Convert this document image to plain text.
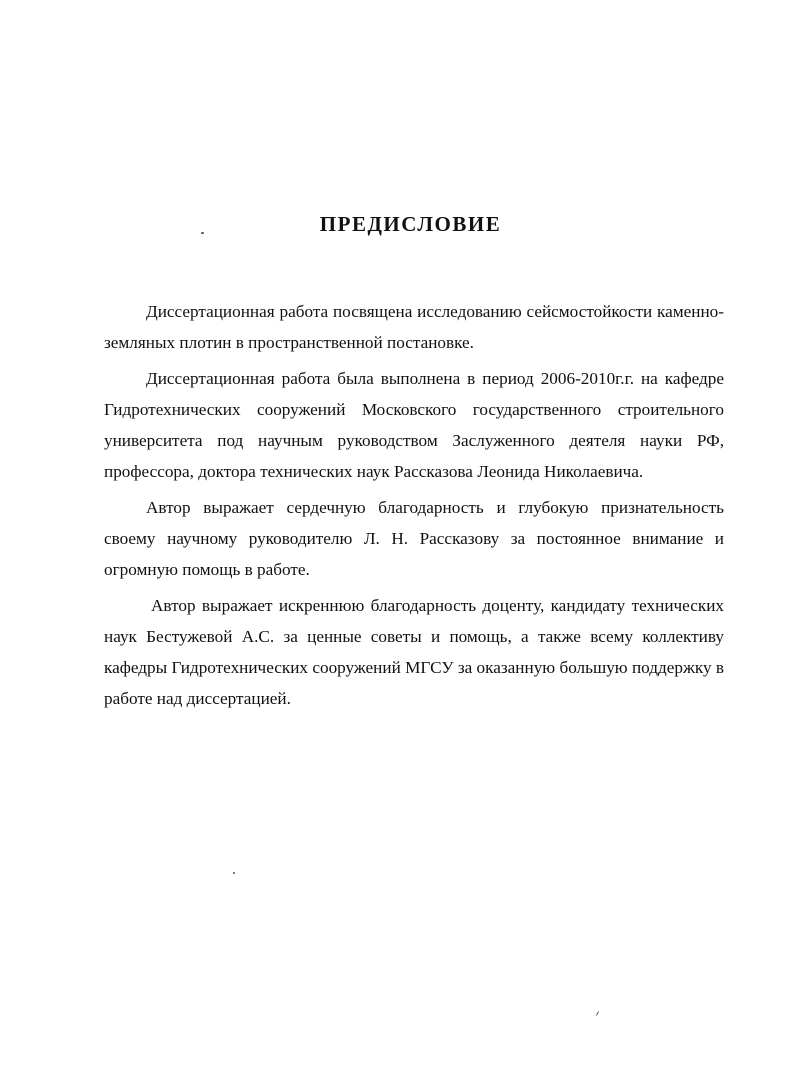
ПРЕДИСЛОВИЕ

Диссертационная работа посвящена исследованию сейсмостойкости каменно-земляных плотин в пространственной постановке.

Диссертационная работа была выполнена в период 2006-2010г.г. на кафедре Гидротехнических сооружений Московского государственного строительного университета под научным руководством Заслуженного деятеля науки РФ, профессора, доктора технических наук Рассказова Леонида Николаевича.

Автор выражает сердечную благодарность и глубокую признательность своему научному руководителю Л. Н. Рассказову за постоянное внимание и огромную помощь в работе.

Автор выражает искреннюю благодарность доценту, кандидату технических наук Бестужевой А.С. за ценные советы и помощь, а также всему коллективу кафедры Гидротехнических сооружений МГСУ за оказанную большую поддержку в работе над диссертацией.
